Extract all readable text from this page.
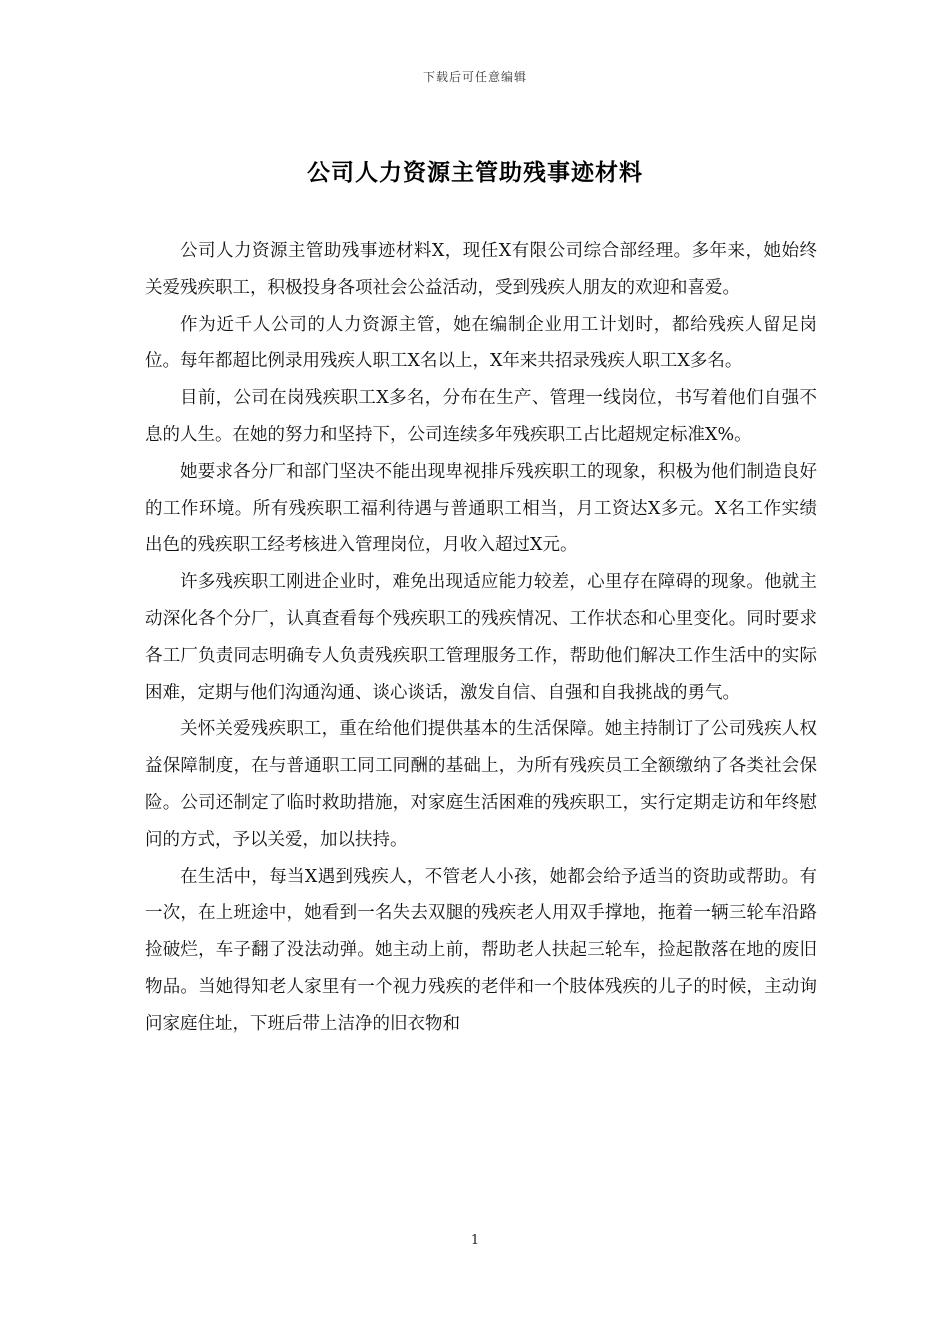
下载后可任意编辑
公司人力资源主管助残事迹材料

公司人力资源主管助残事迹材料X，现任X有限公司综合部经理。多年来，她始终关爱残疾职工，积极投身各项社会公益活动，受到残疾人朋友的欢迎和喜爱。

作为近千人公司的人力资源主管，她在编制企业用工计划时，都给残疾人留足岗位。每年都超比例录用残疾人职工X名以上，X年来共招录残疾人职工X多名。

目前，公司在岗残疾职工X多名，分布在生产、管理一线岗位，书写着他们自强不息的人生。在她的努力和坚持下，公司连续多年残疾职工占比超规定标准X%。

她要求各分厂和部门坚决不能出现卑视排斥残疾职工的现象，积极为他们制造良好的工作环境。所有残疾职工福利待遇与普通职工相当，月工资达X多元。X名工作实绩出色的残疾职工经考核进入管理岗位，月收入超过X元。

许多残疾职工刚进企业时，难免出现适应能力较差，心里存在障碍的现象。他就主动深化各个分厂，认真查看每个残疾职工的残疾情况、工作状态和心里变化。同时要求各工厂负责同志明确专人负责残疾职工管理服务工作，帮助他们解决工作生活中的实际困难，定期与他们沟通沟通、谈心谈话，激发自信、自强和自我挑战的勇气。

关怀关爱残疾职工，重在给他们提供基本的生活保障。她主持制订了公司残疾人权益保障制度，在与普通职工同工同酬的基础上，为所有残疾员工全额缴纳了各类社会保险。公司还制定了临时救助措施，对家庭生活困难的残疾职工，实行定期走访和年终慰问的方式，予以关爱，加以扶持。

在生活中，每当X遇到残疾人，不管老人小孩，她都会给予适当的资助或帮助。有一次，在上班途中，她看到一名失去双腿的残疾老人用双手撑地，拖着一辆三轮车沿路捡破烂，车子翻了没法动弹。她主动上前，帮助老人扶起三轮车，捡起散落在地的废旧物品。当她得知老人家里有一个视力残疾的老伴和一个肢体残疾的儿子的时候，主动询问家庭住址，下班后带上洁净的旧衣物和

1
